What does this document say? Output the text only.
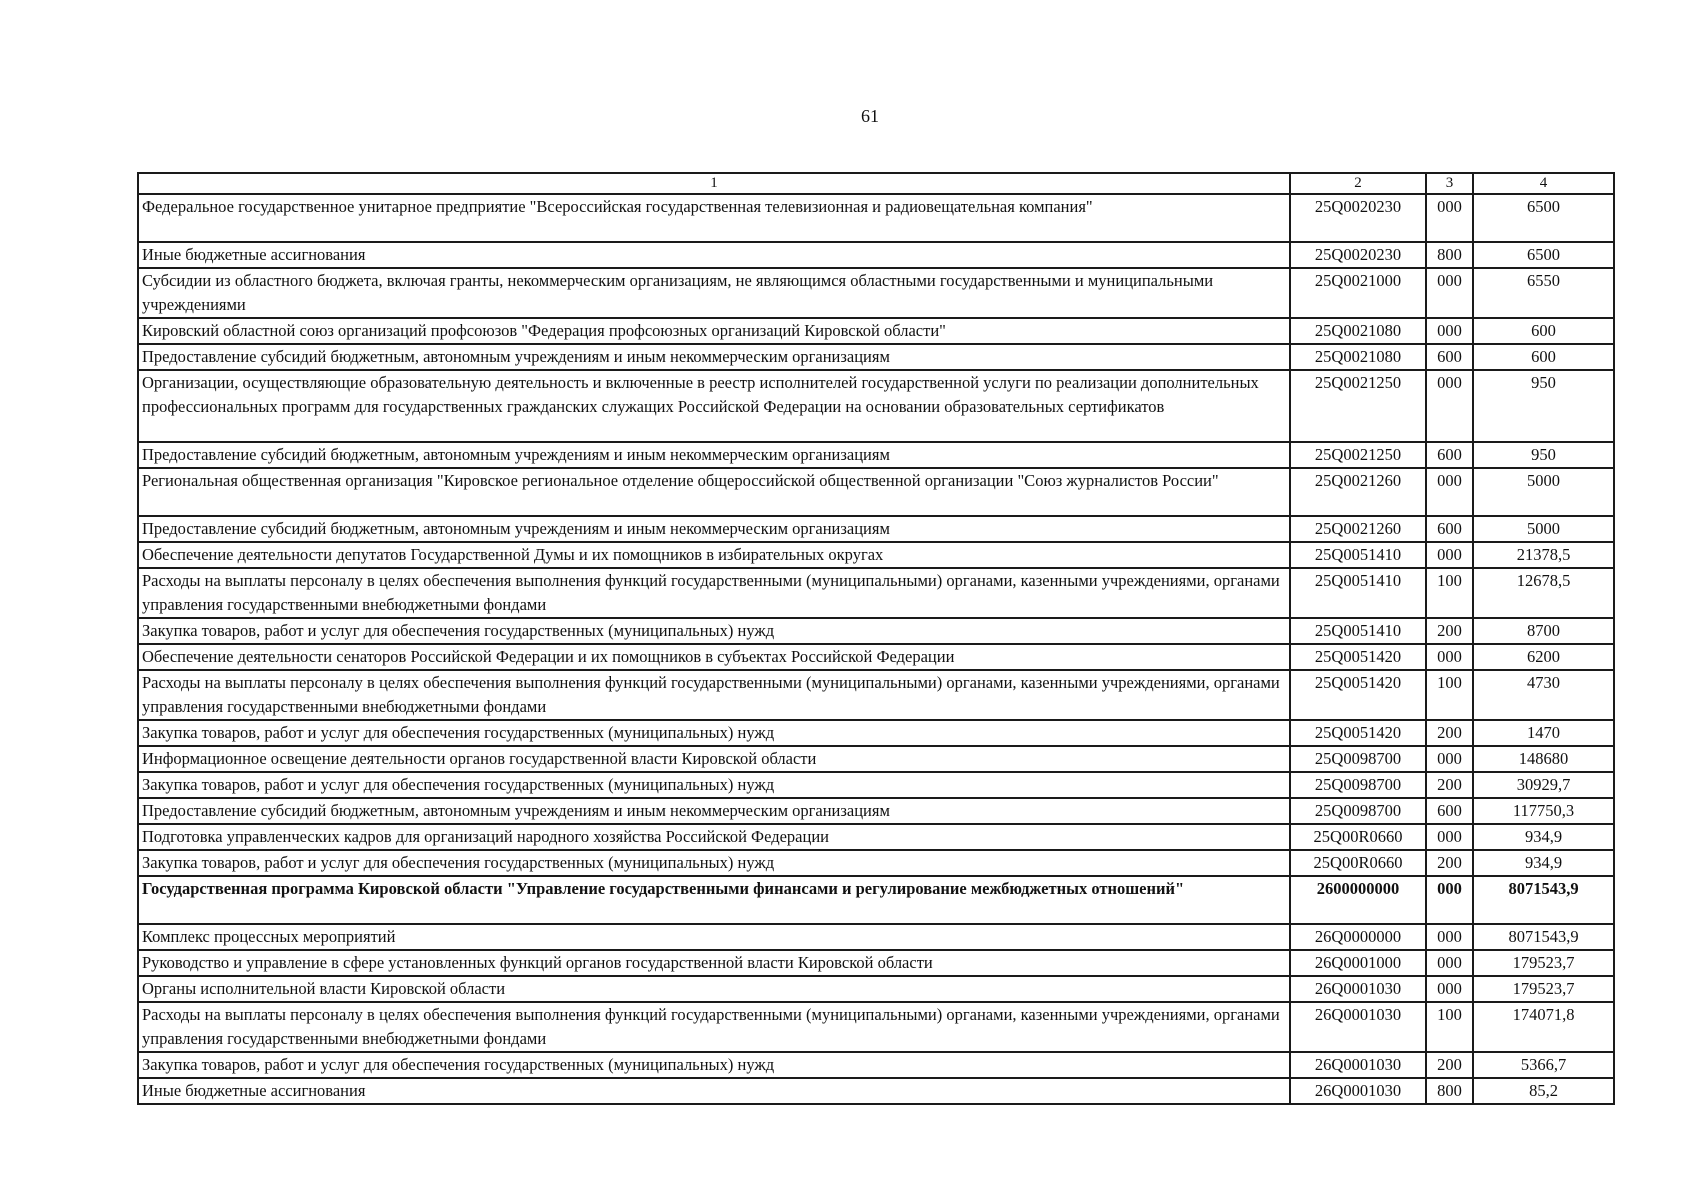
61
1	2	3	4
Федеральное государственное унитарное предприятие "Всероссийская государственная телевизионная и радиовещательная компания"	25Q0020230	000	6500
Иные бюджетные ассигнования	25Q0020230	800	6500
Субсидии из областного бюджета, включая гранты, некоммерческим организациям, не являющимся областными государственными и муниципальными учреждениями	25Q0021000	000	6550
Кировский областной союз организаций профсоюзов "Федерация профсоюзных организаций Кировской области"	25Q0021080	000	600
Предоставление субсидий бюджетным, автономным учреждениям и иным некоммерческим организациям	25Q0021080	600	600
Организации, осуществляющие образовательную деятельность и включенные в реестр исполнителей государственной услуги по реализации дополнительных профессиональных программ для государственных гражданских служащих Российской Федерации на основании образовательных сертификатов	25Q0021250	000	950
Предоставление субсидий бюджетным, автономным учреждениям и иным некоммерческим организациям	25Q0021250	600	950
Региональная общественная организация "Кировское региональное отделение общероссийской общественной организации "Союз журналистов России"	25Q0021260	000	5000
Предоставление субсидий бюджетным, автономным учреждениям и иным некоммерческим организациям	25Q0021260	600	5000
Обеспечение деятельности депутатов Государственной Думы и их помощников в избирательных округах	25Q0051410	000	21378,5
Расходы на выплаты персоналу в целях обеспечения выполнения функций государственными (муниципальными) органами, казенными учреждениями, органами управления государственными внебюджетными фондами	25Q0051410	100	12678,5
Закупка товаров, работ и услуг для обеспечения государственных (муниципальных) нужд	25Q0051410	200	8700
Обеспечение деятельности сенаторов Российской Федерации и их помощников в субъектах Российской Федерации	25Q0051420	000	6200
Расходы на выплаты персоналу в целях обеспечения выполнения функций государственными (муниципальными) органами, казенными учреждениями, органами управления государственными внебюджетными фондами	25Q0051420	100	4730
Закупка товаров, работ и услуг для обеспечения государственных (муниципальных) нужд	25Q0051420	200	1470
Информационное освещение деятельности органов государственной власти Кировской области	25Q0098700	000	148680
Закупка товаров, работ и услуг для обеспечения государственных (муниципальных) нужд	25Q0098700	200	30929,7
Предоставление субсидий бюджетным, автономным учреждениям и иным некоммерческим организациям	25Q0098700	600	117750,3
Подготовка управленческих кадров для организаций народного хозяйства Российской Федерации	25Q00R0660	000	934,9
Закупка товаров, работ и услуг для обеспечения государственных (муниципальных) нужд	25Q00R0660	200	934,9
Государственная программа Кировской области "Управление государственными финансами и регулирование межбюджетных отношений"	2600000000	000	8071543,9
Комплекс процессных мероприятий	26Q0000000	000	8071543,9
Руководство и управление в сфере установленных функций органов государственной власти Кировской области	26Q0001000	000	179523,7
Органы исполнительной власти Кировской области	26Q0001030	000	179523,7
Расходы на выплаты персоналу в целях обеспечения выполнения функций государственными (муниципальными) органами, казенными учреждениями, органами управления государственными внебюджетными фондами	26Q0001030	100	174071,8
Закупка товаров, работ и услуг для обеспечения государственных (муниципальных) нужд	26Q0001030	200	5366,7
Иные бюджетные ассигнования	26Q0001030	800	85,2
